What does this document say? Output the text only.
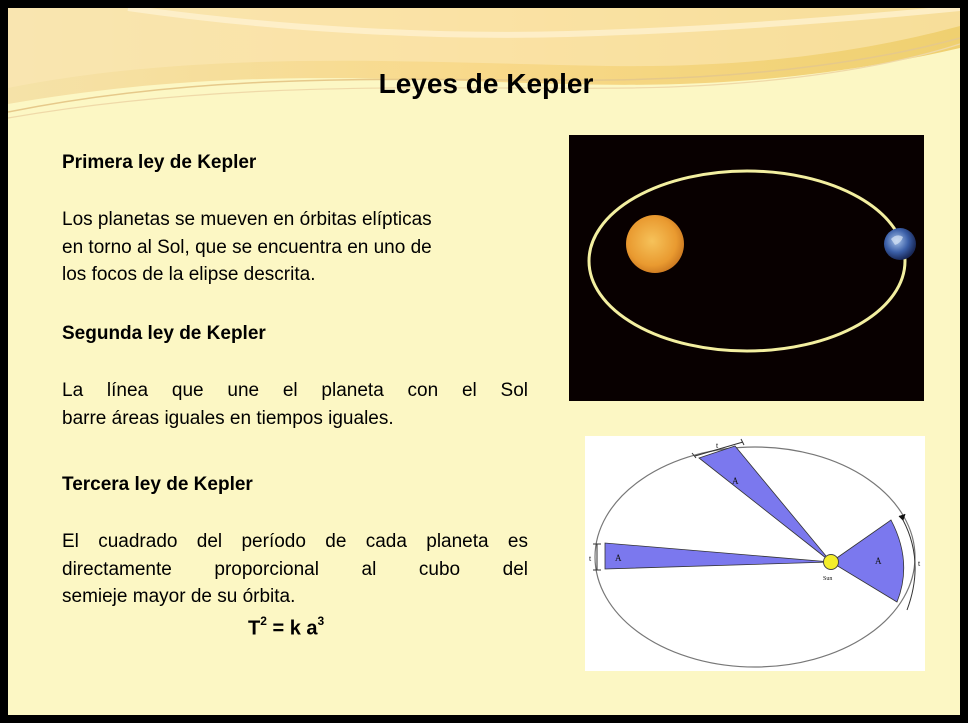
Leyes de Kepler
Primera ley de Kepler
Los planetas se mueven en órbitas elípticas
en torno al Sol, que se encuentra en uno de
los focos de la elipse descrita.
Segunda ley de Kepler
La línea que une el planeta con el Sol
barre áreas iguales en tiempos iguales.
Tercera ley de Kepler
El cuadrado del período de cada planeta es
directamente proporcional al cubo del
semieje mayor de su órbita.
$T^2 = k$ $a^3$
A
A	A
Sun
t
t
t
